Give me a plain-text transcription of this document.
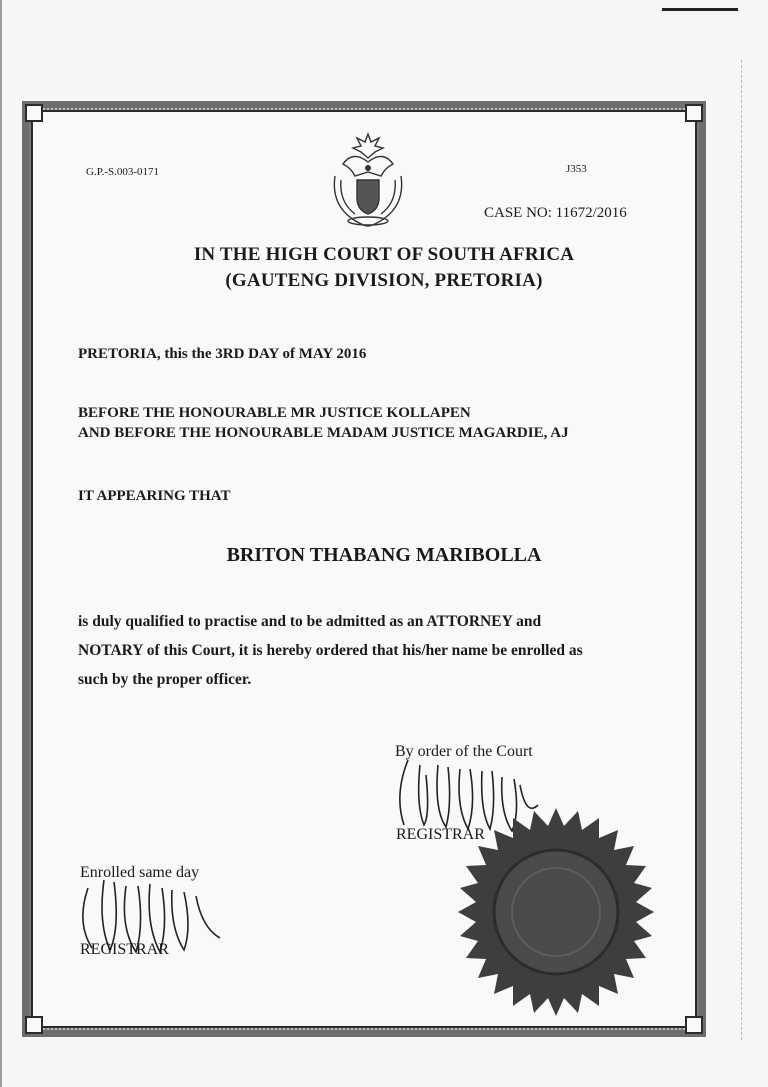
G.P.-S.003-0171	J353
CASE NO: 11672/2016
IN THE HIGH COURT OF SOUTH AFRICA
(GAUTENG DIVISION, PRETORIA)
PRETORIA, this the 3RD DAY of MAY 2016
BEFORE THE HONOURABLE MR JUSTICE KOLLAPEN
AND BEFORE THE HONOURABLE MADAM JUSTICE MAGARDIE, AJ
IT APPEARING THAT
BRITON THABANG MARIBOLLA
is duly qualified to practise and to be admitted as an ATTORNEY and
NOTARY of this Court, it is hereby ordered that his/her name be enrolled as
such by the proper officer.
By order of the Court
REGISTRAR
Enrolled same day
REGISTRAR
